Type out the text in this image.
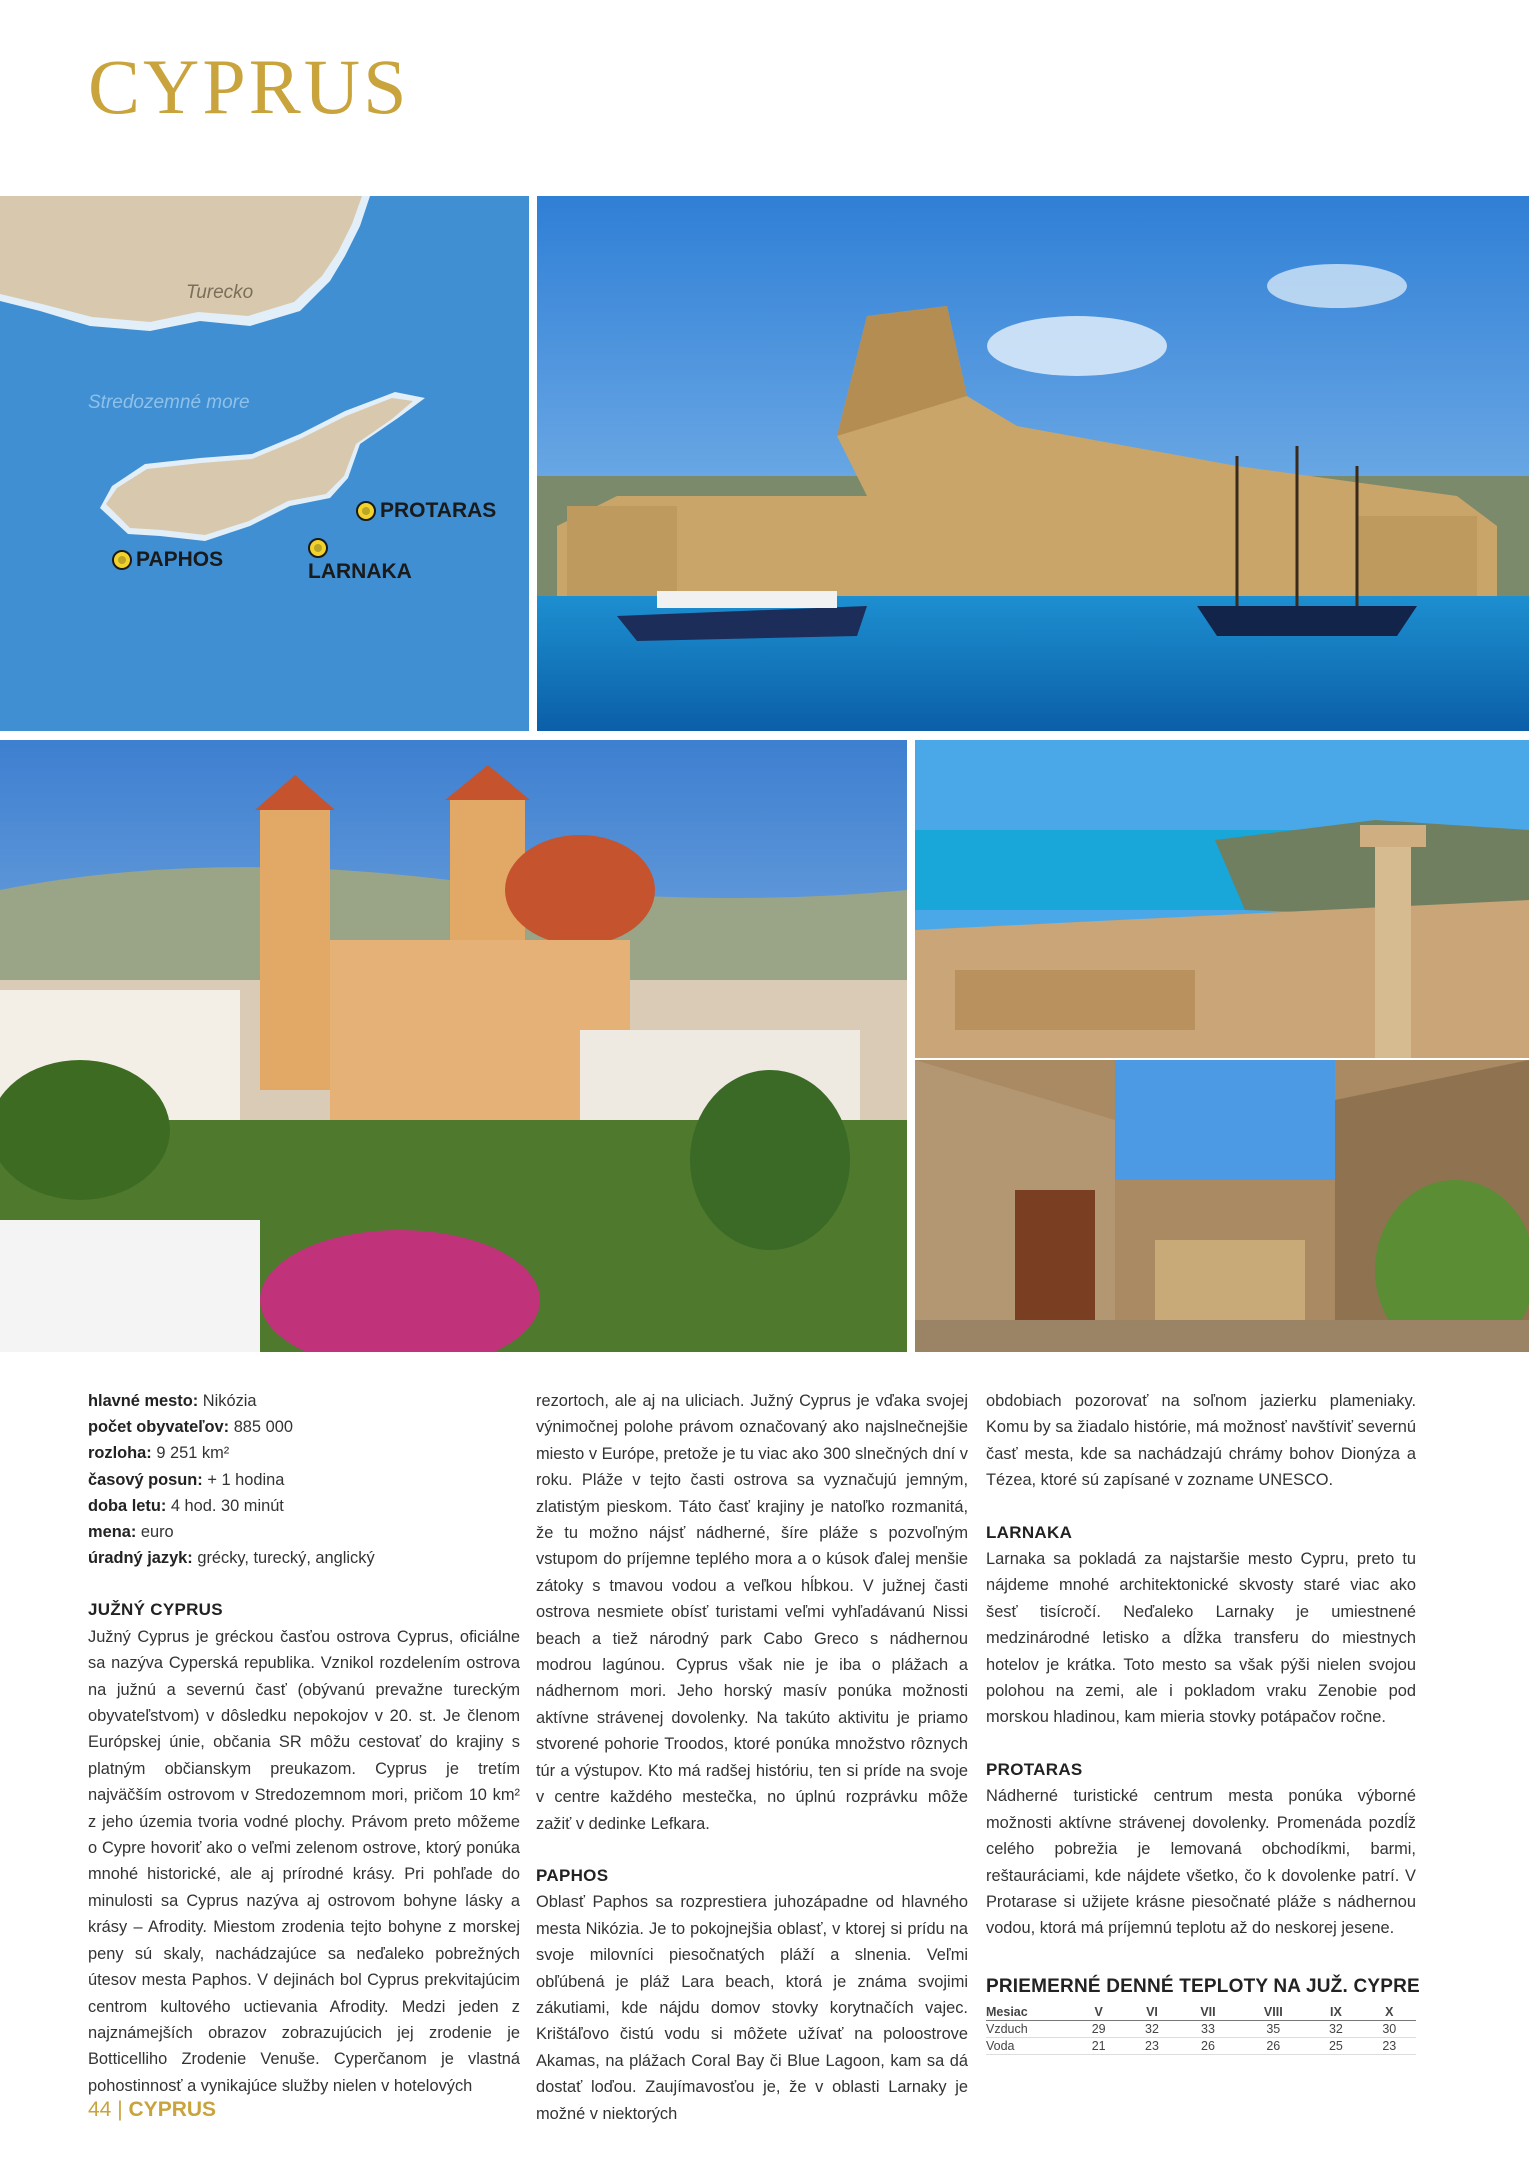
CYPRUS
Turecko
Stredozemné more
PAPHOS
LARNAKA
PROTARAS
hlavné mesto: Nikózia
počet obyvateľov: 885 000
rozloha: 9 251 km²
časový posun: + 1 hodina
doba letu: 4 hod. 30 minút
mena: euro
úradný jazyk: grécky, turecký, anglický
JUŽNÝ CYPRUS

Južný Cyprus je gréckou časťou ostrova Cyprus, oficiálne sa nazýva Cyperská republika. Vznikol rozdelením ostrova na južnú a severnú časť (obývanú prevažne tureckým obyvateľstvom) v dôsledku nepokojov v 20. st. Je členom Európskej únie, občania SR môžu cestovať do krajiny s platným občianskym preukazom. Cyprus je tretím najväčším ostrovom v Stredozemnom mori, pričom 10 km² z jeho územia tvoria vodné plochy. Právom preto môžeme o Cypre hovoriť ako o veľmi zelenom ostrove, ktorý ponúka mnohé historické, ale aj prírodné krásy. Pri pohľade do minulosti sa Cyprus nazýva aj ostrovom bohyne lásky a krásy – Afrodity. Miestom zrodenia tejto bohyne z morskej peny sú skaly, nachádzajúce sa neďaleko pobrežných útesov mesta Paphos. V dejinách bol Cyprus prekvitajúcim centrom kultového uctievania Afrodity. Medzi jeden z najznámejších obrazov zobrazujúcich jej zrodenie je Botticelliho Zrodenie Venuše. Cyperčanom je vlastná pohostinnosť a vynikajúce služby nielen v hotelových

rezortoch, ale aj na uliciach. Južný Cyprus je vďaka svojej výnimočnej polohe právom označovaný ako najslnečnejšie miesto v Európe, pretože je tu viac ako 300 slnečných dní v roku. Pláže v tejto časti ostrova sa vyznačujú jemným, zlatistým pieskom. Táto časť krajiny je natoľko rozmanitá, že tu možno nájsť nádherné, šíre pláže s pozvoľným vstupom do príjemne teplého mora a o kúsok ďalej menšie zátoky s tmavou vodou a veľkou hĺbkou. V južnej časti ostrova nesmiete obísť turistami veľmi vyhľadávanú Nissi beach a tiež národný park Cabo Greco s nádhernou modrou lagúnou. Cyprus však nie je iba o plážach a nádhernom mori. Jeho horský masív ponúka možnosti aktívne strávenej dovolenky. Na takúto aktivitu je priamo stvorené pohorie Troodos, ktoré ponúka množstvo rôznych túr a výstupov. Kto má radšej históriu, ten si príde na svoje v centre každého mestečka, no úplnú rozprávku môže zažiť v dedinke Lefkara.

PAPHOS

Oblasť Paphos sa rozprestiera juhozápadne od hlavného mesta Nikózia. Je to pokojnejšia oblasť, v ktorej si prídu na svoje milovníci piesočnatých pláží a slnenia. Veľmi obľúbená je pláž Lara beach, ktorá je známa svojimi zákutiami, kde nájdu domov stovky korytnačích vajec. Krištáľovo čistú vodu si môžete užívať na poloostrove Akamas, na plážach Coral Bay či Blue Lagoon, kam sa dá dostať loďou. Zaujímavosťou je, že v oblasti Larnaky je možné v niektorých

obdobiach pozorovať na soľnom jazierku plameniaky. Komu by sa žiadalo histórie, má možnosť navštíviť severnú časť mesta, kde sa nachádzajú chrámy bohov Dionýza a Tézea, ktoré sú zapísané v zozname UNESCO.

LARNAKA

Larnaka sa pokladá za najstaršie mesto Cypru, preto tu nájdeme mnohé architektonické skvosty staré viac ako šesť tisícročí. Neďaleko Larnaky je umiestnené medzinárodné letisko a dĺžka transferu do miestnych hotelov je krátka. Toto mesto sa však pýši nielen svojou polohou na zemi, ale i pokladom vraku Zenobie pod morskou hladinou, kam mieria stovky potápačov ročne.

PROTARAS

Nádherné turistické centrum mesta ponúka výborné možnosti aktívne strávenej dovolenky. Promenáda pozdĺž celého pobrežia je lemovaná obchodíkmi, barmi, reštauráciami, kde nájdete všetko, čo k dovolenke patrí. V Protarase si užijete krásne piesočnaté pláže s nádhernou vodou, ktorá má príjemnú teplotu až do neskorej jesene.

PRIEMERNÉ DENNÉ TEPLOTY NA JUŽ. CYPRE
Mesiac	V	VI	VII	VIII	IX	X
Vzduch	29	32	33	35	32	30
Voda	21	23	26	26	25	23
44 | CYPRUS
